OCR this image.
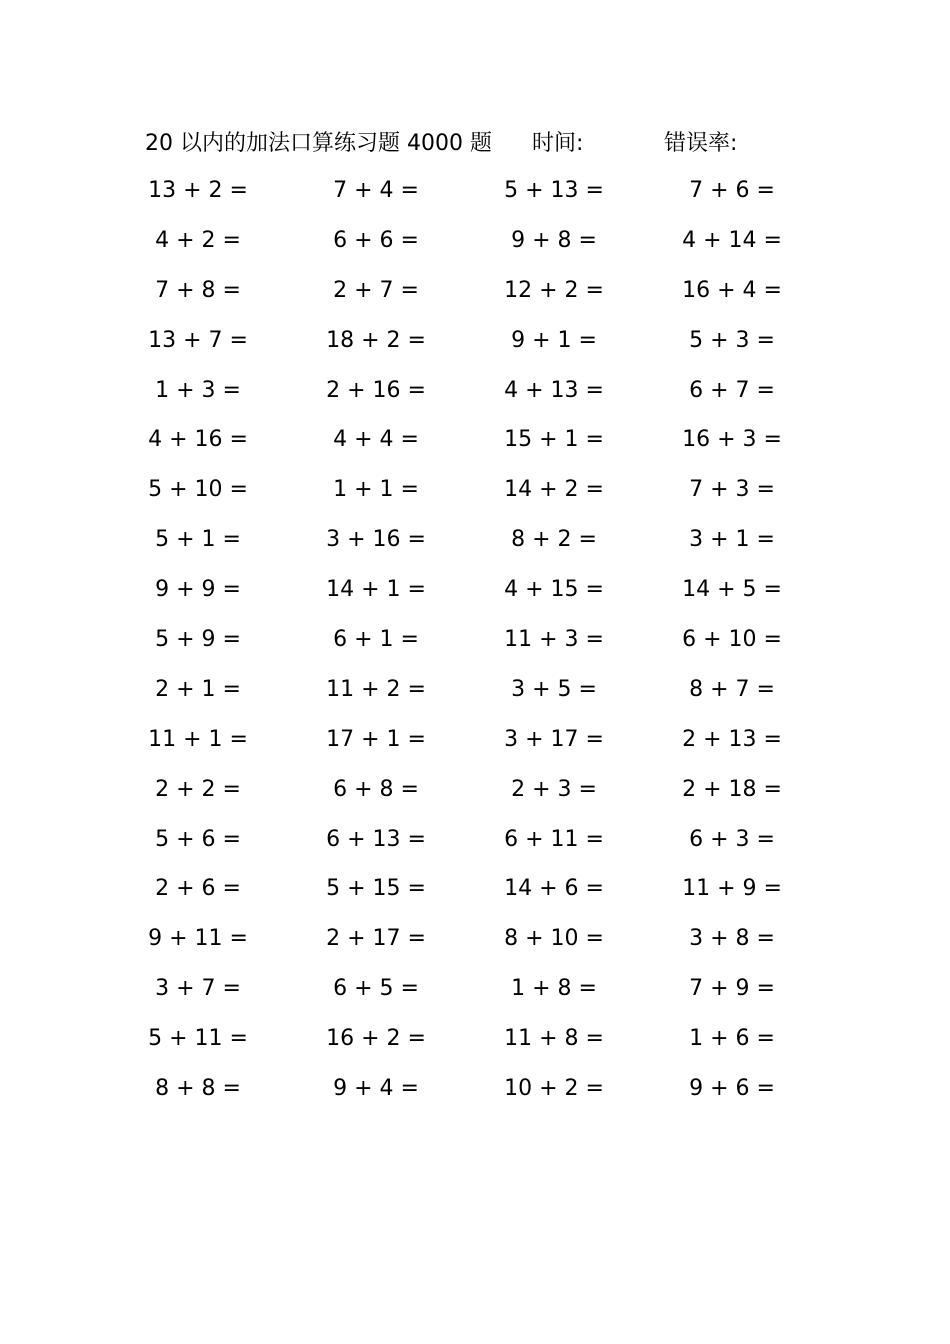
20 以内的加法口算练习题 4000 题 时间:	错误率:
13 + 2 =	7 + 4 =	5 + 13 =	7 + 6 =
4 + 2 =	6 + 6 =	9 + 8 =	4 + 14 =
7 + 8 =	2 + 7 =	12 + 2 =	16 + 4 =
13 + 7 =	18 + 2 =	9 + 1 =	5 + 3 =
1 + 3 =	2 + 16 =	4 + 13 =	6 + 7 =
4 + 16 =	4 + 4 =	15 + 1 =	16 + 3 =
5 + 10 =	1 + 1 =	14 + 2 =	7 + 3 =
5 + 1 =	3 + 16 =	8 + 2 =	3 + 1 =
9 + 9 =	14 + 1 =	4 + 15 =	14 + 5 =
5 + 9 =	6 + 1 =	11 + 3 =	6 + 10 =
2 + 1 =	11 + 2 =	3 + 5 =	8 + 7 =
11 + 1 =	17 + 1 =	3 + 17 =	2 + 13 =
2 + 2 =	6 + 8 =	2 + 3 =	2 + 18 =
5 + 6 =	6 + 13 =	6 + 11 =	6 + 3 =
2 + 6 =	5 + 15 =	14 + 6 =	11 + 9 =
9 + 11 =	2 + 17 =	8 + 10 =	3 + 8 =
3 + 7 =	6 + 5 =	1 + 8 =	7 + 9 =
5 + 11 =	16 + 2 =	11 + 8 =	1 + 6 =
8 + 8 =	9 + 4 =	10 + 2 =	9 + 6 =
